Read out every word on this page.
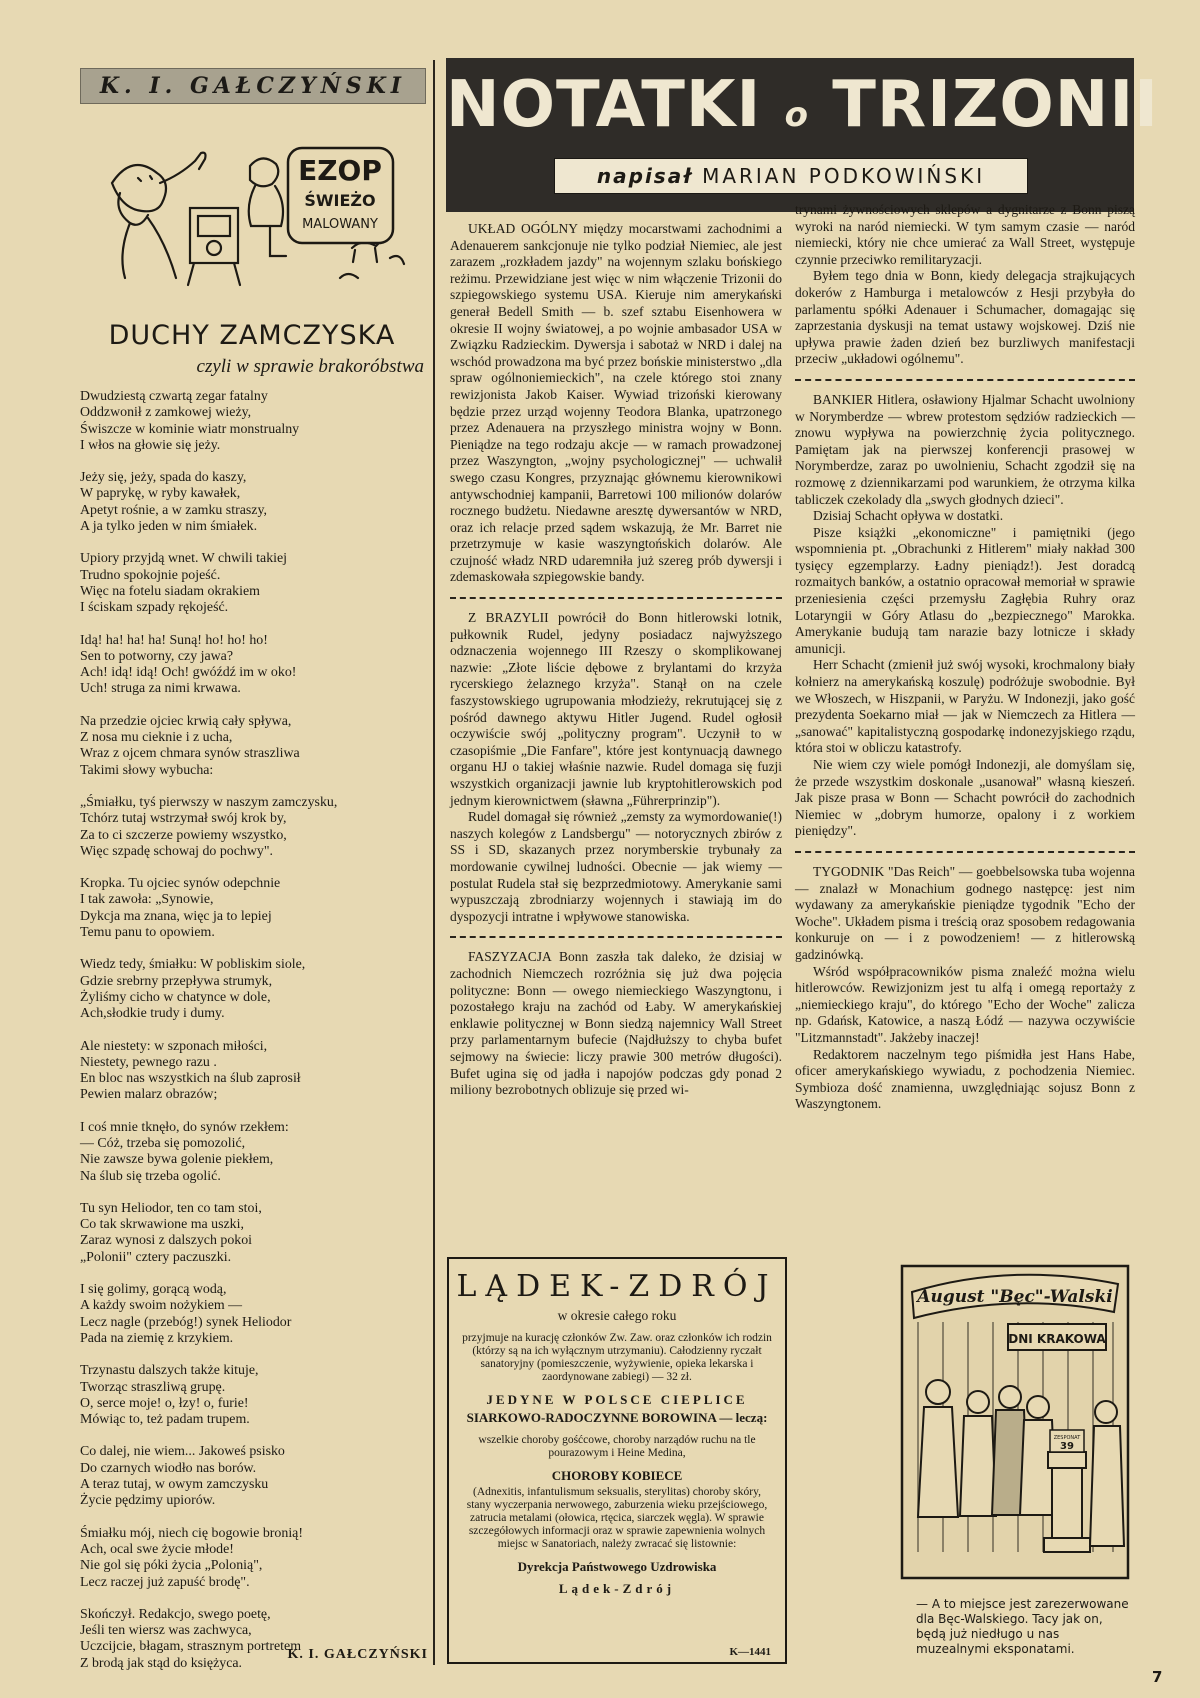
K. I. GAŁCZYŃSKI
EZOP
ŚWIEŻO
MALOWANY
DUCHY ZAMCZYSKA
czyli w sprawie brakoróbstwa
Dwudziestą czwartą zegar fatalny
Oddzwonił z zamkowej wieży,
Świszcze w kominie wiatr monstrualny
I włos na głowie się jeży.
Jeży się, jeży, spada do kaszy,
W paprykę, w ryby kawałek,
Apetyt rośnie, a w zamku straszy,
A ja tylko jeden w nim śmiałek.
Upiory przyjdą wnet. W chwili takiej
Trudno spokojnie pojeść.
Więc na fotelu siadam okrakiem
I ściskam szpady rękojeść.
Idą! ha! ha! ha! Suną! ho! ho! ho!
Sen to potworny, czy jawa?
Ach! idą! idą! Och! gwóźdź im w oko!
Uch! struga za nimi krwawa.
Na przedzie ojciec krwią cały spływa,
Z nosa mu cieknie i z ucha,
Wraz z ojcem chmara synów straszliwa
Takimi słowy wybucha:
„Śmiałku, tyś pierwszy w naszym zamczysku,
Tchórz tutaj wstrzymał swój krok by,
Za to ci szczerze powiemy wszystko,
Więc szpadę schowaj do pochwy".
Kropka. Tu ojciec synów odepchnie
I tak zawoła: „Synowie,
Dykcja ma znana, więc ja to lepiej
Temu panu to opowiem.
Wiedz tedy, śmiałku: W pobliskim siole,
Gdzie srebrny przepływa strumyk,
Żyliśmy cicho w chatynce w dole,
Ach,słodkie trudy i dumy.
Ale niestety: w szponach miłości,
Niestety, pewnego razu .
En bloc nas wszystkich na ślub zaprosił
Pewien malarz obrazów;
I coś mnie tknęło, do synów rzekłem:
— Cóż, trzeba się pomozolić,
Nie zawsze bywa golenie piekłem,
Na ślub się trzeba ogolić.
Tu syn Heliodor, ten co tam stoi,
Co tak skrwawione ma uszki,
Zaraz wynosi z dalszych pokoi
„Polonii" cztery paczuszki.
I się golimy, gorącą wodą,
A każdy swoim nożykiem —
Lecz nagle (przebóg!) synek Heliodor
Pada na ziemię z krzykiem.
Trzynastu dalszych także kituje,
Tworząc straszliwą grupę.
O, serce moje! o, łzy! o, furie!
Mówiąc to, też padam trupem.
Co dalej, nie wiem... Jakoweś psisko
Do czarnych wiodło nas borów.
A teraz tutaj, w owym zamczysku
Życie pędzimy upiorów.
Śmiałku mój, niech cię bogowie bronią!
Ach, ocal swe życie młode!
Nie gol się póki życia „Polonią",
Lecz raczej już zapuść brodę".
Skończył. Redakcjo, swego poetę,
Jeśli ten wiersz was zachwyca,
Uczcijcie, błagam, strasznym portretem
Z brodą jak stąd do księżyca.
K. I. GAŁCZYŃSKI
NOTATKI o TRIZONII
napisał MARIAN PODKOWIŃSKI

UKŁAD OGÓLNY między mocarstwami zachodnimi a Adenauerem sankcjonuje nie tylko podział Niemiec, ale jest zarazem „rozkładem jazdy" na wojennym szlaku bońskiego reżimu. Przewidziane jest więc w nim włączenie Trizonii do szpiegowskiego systemu USA. Kieruje nim amerykański generał Bedell Smith — b. szef sztabu Eisenhowera w okresie II wojny światowej, a po wojnie ambasador USA w Związku Radzieckim. Dywersja i sabotaż w NRD i dalej na wschód prowadzona ma być przez bońskie ministerstwo „dla spraw ogólnoniemieckich", na czele którego stoi znany rewizjonista Jakob Kaiser. Wywiad trizoński kierowany będzie przez urząd wojenny Teodora Blanka, upatrzonego przez Adenauera na przyszłego ministra wojny w Bonn. Pieniądze na tego rodzaju akcje — w ramach prowadzonej przez Waszyngton, „wojny psychologicznej" — uchwalił swego czasu Kongres, przyznając głównemu kierownikowi antywschodniej kampanii, Barretowi 100 milionów dolarów rocznego budżetu. Niedawne aresztę dywersantów w NRD, oraz ich relacje przed sądem wskazują, że Mr. Barret nie przetrzymuje w kasie waszyngtońskich dolarów. Ale czujność władz NRD udaremniła już szereg prób dywersji i zdemaskowała szpiegowskie bandy.

Z BRAZYLII powrócił do Bonn hitlerowski lotnik, pułkownik Rudel, jedyny posiadacz najwyższego odznaczenia wojennego III Rzeszy o skomplikowanej nazwie: „Złote liście dębowe z brylantami do krzyża rycerskiego żelaznego krzyża". Stanął on na czele faszystowskiego ugrupowania młodzieży, rekrutującej się z pośród dawnego aktywu Hitler Jugend. Rudel ogłosił oczywiście swój „polityczny program". Uczynił to w czasopiśmie „Die Fanfare", które jest kontynuacją dawnego organu HJ o takiej właśnie nazwie. Rudel domaga się fuzji wszystkich organizacji jawnie lub kryptohitlerowskich pod jednym kierownictwem (sławna „Führerprinzip").

Rudel domagał się również „zemsty za wymordowanie(!) naszych kolegów z Landsbergu" — notorycznych zbirów z SS i SD, skazanych przez norymberskie trybunały za mordowanie cywilnej ludności. Obecnie — jak wiemy — postulat Rudela stał się bezprzedmiotowy. Amerykanie sami wypuszczają zbrodniarzy wojennych i stawiają im do dyspozycji intratne i wpływowe stanowiska.

FASZYZACJA Bonn zaszła tak daleko, że dzisiaj w zachodnich Niemczech rozróżnia się już dwa pojęcia polityczne: Bonn — owego niemieckiego Waszyngtonu, i pozostałego kraju na zachód od Łaby. W amerykańskiej enklawie politycznej w Bonn siedzą najemnicy Wall Street przy parlamentarnym bufecie (Najdłuższy to chyba bufet sejmowy na świecie: liczy prawie 300 metrów długości). Bufet ugina się od jadła i napojów podczas gdy ponad 2 miliony bezrobotnych oblizuje się przed wi-

trynami żywnościowych sklepów a dygnitarze z Bonn piszą wyroki na naród niemiecki. W tym samym czasie — naród niemiecki, który nie chce umierać za Wall Street, występuje czynnie przeciwko remilitaryzacji.

Byłem tego dnia w Bonn, kiedy delegacja strajkujących dokerów z Hamburga i metalowców z Hesji przybyła do parlamentu spółki Adenauer i Schumacher, domagając się zaprzestania dyskusji na temat ustawy wojskowej. Dziś nie upływa prawie żaden dzień bez burzliwych manifestacji przeciw „układowi ogólnemu".

BANKIER Hitlera, osławiony Hjalmar Schacht uwolniony w Norymberdze — wbrew protestom sędziów radzieckich — znowu wypływa na powierzchnię życia politycznego. Pamiętam jak na pierwszej konferencji prasowej w Norymberdze, zaraz po uwolnieniu, Schacht zgodził się na rozmowę z dziennikarzami pod warunkiem, że otrzyma kilka tabliczek czekolady dla „swych głodnych dzieci".

Dzisiaj Schacht opływa w dostatki.

Pisze książki „ekonomiczne" i pamiętniki (jego wspomnienia pt. „Obrachunki z Hitlerem" miały nakład 300 tysięcy egzemplarzy. Ładny pieniądz!). Jest doradcą rozmaitych banków, a ostatnio opracował memoriał w sprawie przeniesienia części przemysłu Zagłębia Ruhry oraz Lotaryngii w Góry Atlasu do „bezpiecznego" Marokka. Amerykanie budują tam narazie bazy lotnicze i składy amunicji.

Herr Schacht (zmienił już swój wysoki, krochmalony biały kołnierz na amerykańską koszulę) podróżuje swobodnie. Był we Włoszech, w Hiszpanii, w Paryżu. W Indonezji, jako gość prezydenta Soekarno miał — jak w Niemczech za Hitlera — „sanować" kapitalistyczną gospodarkę indonezyjskiego rządu, która stoi w obliczu katastrofy.

Nie wiem czy wiele pomógł Indonezji, ale domyślam się, że przede wszystkim doskonale „usanował" własną kieszeń. Jak pisze prasa w Bonn — Schacht powrócił do zachodnich Niemiec w „dobrym humorze, opalony i z workiem pieniędzy".

TYGODNIK "Das Reich" — goebbelsowska tuba wojenna — znalazł w Monachium godnego następcę: jest nim wydawany za amerykańskie pieniądze tygodnik "Echo der Woche". Układem pisma i treścią oraz sposobem redagowania konkuruje on — i z powodzeniem! — z hitlerowską gadzinówką.

Wśród współpracowników pisma znaleźć można wielu hitlerowców. Rewizjonizm jest tu alfą i omegą reportaży z „niemieckiego kraju", do którego "Echo der Woche" zalicza np. Gdańsk, Katowice, a naszą Łódź — nazywa oczywiście "Litzmannstadt". Jakżeby inaczej!

Redaktorem naczelnym tego piśmidła jest Hans Habe, oficer amerykańskiego wywiadu, z pochodzenia Niemiec. Symbioza dość znamienna, uwzględniając sojusz Bonn z Waszyngtonem.

LĄDEK-ZDRÓJ
w okresie całego roku
przyjmuje na kurację członków Zw. Zaw. oraz członków ich rodzin (którzy są na ich wyłącznym utrzymaniu). Całodzienny ryczałt sanatoryjny (pomieszczenie, wyżywienie, opieka lekarska i zaordynowane zabiegi) — 32 zł.
JEDYNE W POLSCE CIEPLICE
SIARKOWO-RADOCZYNNE BOROWINA — leczą:
wszelkie choroby gośćcowe, choroby narządów ruchu na tle pourazowym i Heine Medina,
CHOROBY KOBIECE
(Adnexitis, infantulismum seksualis, sterylitas) choroby skóry, stany wyczerpania nerwowego, zaburzenia wieku przejściowego, zatrucia metalami (ołowica, rtęcica, siarczek węgla). W sprawie szczegółowych informacji oraz w sprawie zapewnienia wolnych miejsc w Sanatoriach, należy zwracać się listownie:
Dyrekcja Państwowego Uzdrowiska
Lądek-Zdrój
K—1441
August "Bęc"-Walski
DNI KRAKOWA
ZESPONAT
39
— A to miejsce jest zarezerwowane dla Bęc-Walskiego. Tacy jak on, będą już niedługo u nas muzealnymi eksponatami.
7
